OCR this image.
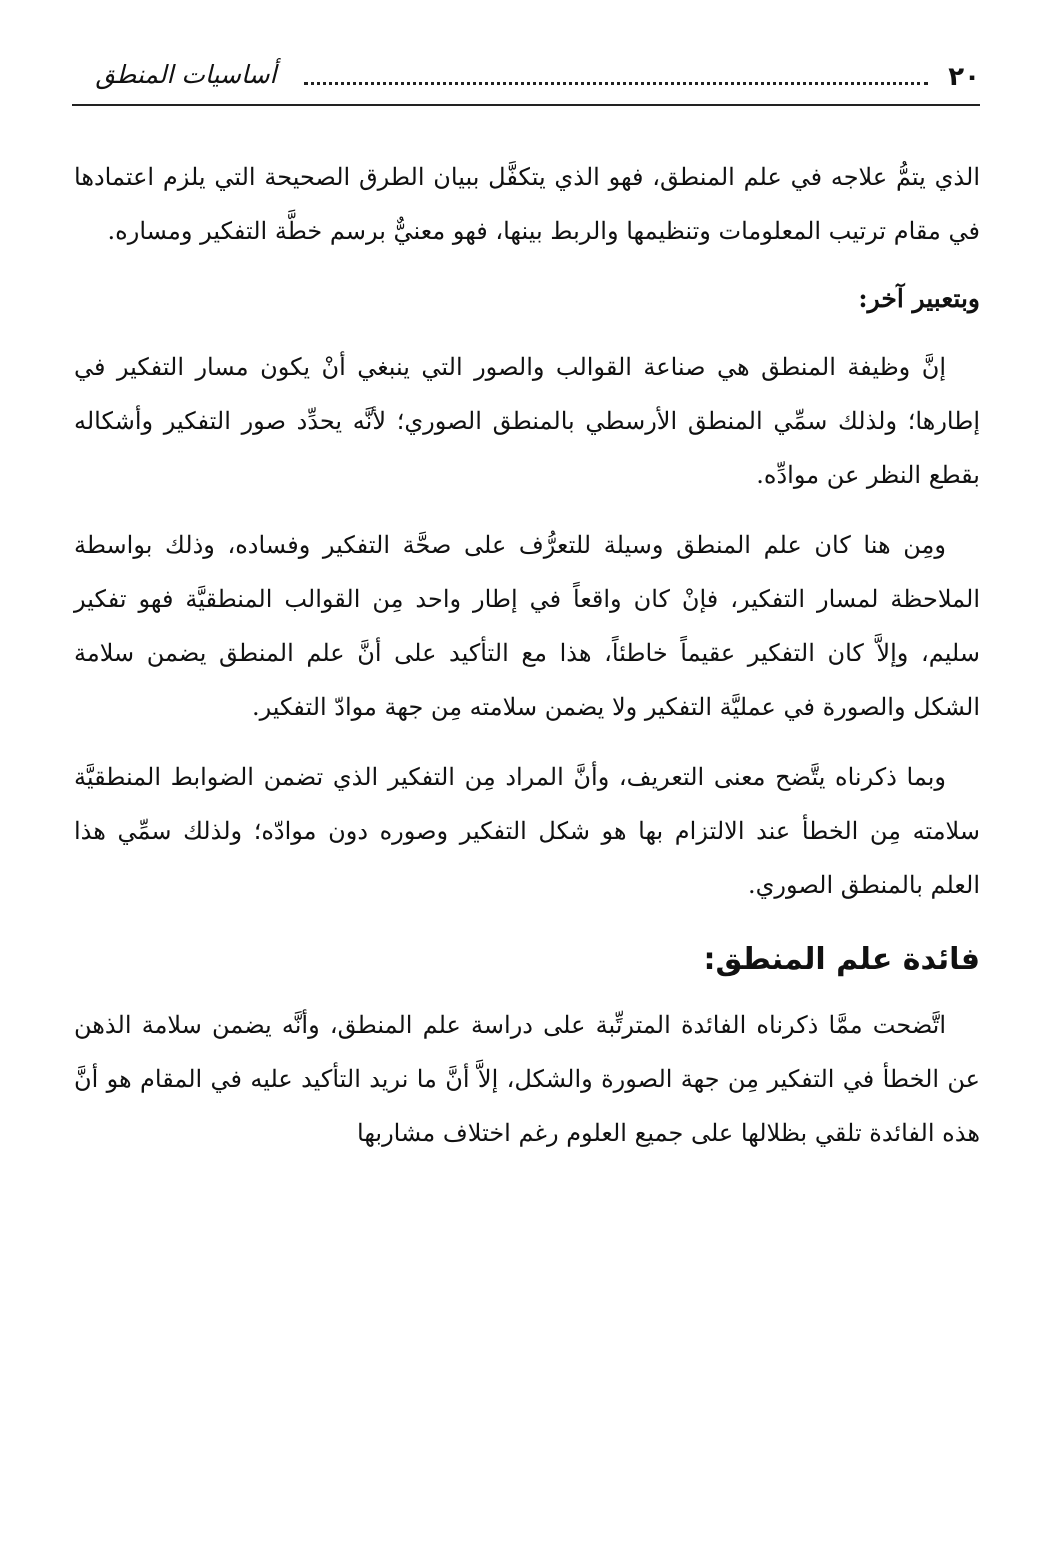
٢٠
أساسيات المنطق

الذي يتمُّ علاجه في علم المنطق، فهو الذي يتكفَّل ببيان الطرق الصحيحة التي يلزم اعتمادها في مقام ترتيب المعلومات وتنظيمها والربط بينها، فهو معنيٌّ برسم خطَّة التفكير ومساره.

وبتعبير آخر:

إنَّ وظيفة المنطق هي صناعة القوالب والصور التي ينبغي أنْ يكون مسار التفكير في إطارها؛ ولذلك سمِّي المنطق الأرسطي بالمنطق الصوري؛ لأنَّه يحدِّد صور التفكير وأشكاله بقطع النظر عن موادِّه.

ومِن هنا كان علم المنطق وسيلة للتعرُّف على صحَّة التفكير وفساده، وذلك بواسطة الملاحظة لمسار التفكير، فإنْ كان واقعاً في إطار واحد مِن القوالب المنطقيَّة فهو تفكير سليم، وإلاَّ كان التفكير عقيماً خاطئاً، هذا مع التأكيد على أنَّ علم المنطق يضمن سلامة الشكل والصورة في عمليَّة التفكير ولا يضمن سلامته مِن جهة موادّ التفكير.

وبما ذكرناه يتَّضح معنى التعريف، وأنَّ المراد مِن التفكير الذي تضمن الضوابط المنطقيَّة سلامته مِن الخطأ عند الالتزام بها هو شكل التفكير وصوره دون موادّه؛ ولذلك سمِّي هذا العلم بالمنطق الصوري.

فائدة علم المنطق:

اتَّضحت ممَّا ذكرناه الفائدة المترتِّبة على دراسة علم المنطق، وأنَّه يضمن سلامة الذهن عن الخطأ في التفكير مِن جهة الصورة والشكل، إلاَّ أنَّ ما نريد التأكيد عليه في المقام هو أنَّ هذه الفائدة تلقي بظلالها على جميع العلوم رغم اختلاف مشاربها
